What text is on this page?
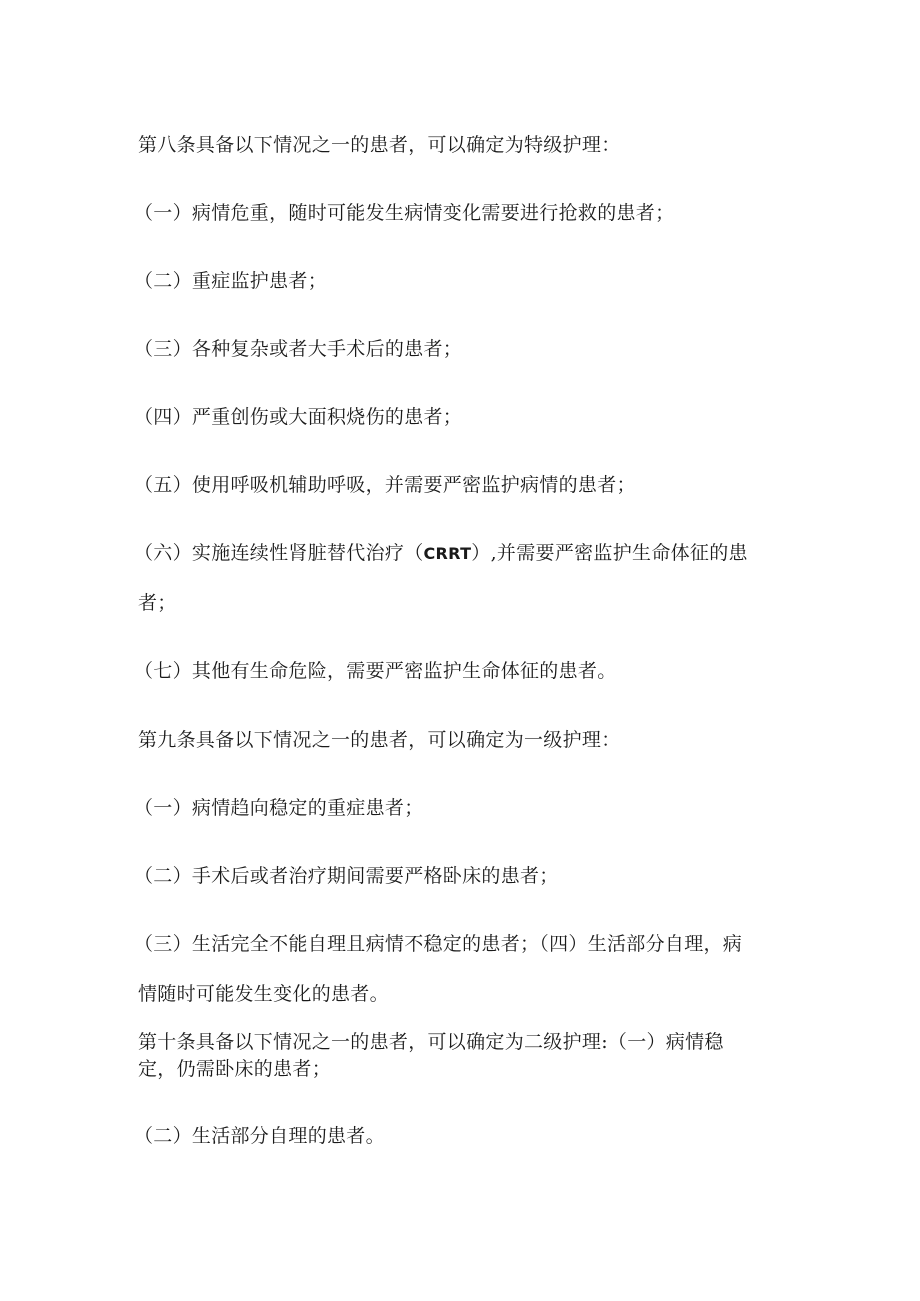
第八条具备以下情况之一的患者，可以确定为特级护理：
（一）病情危重，随时可能发生病情变化需要进行抢救的患者；
（二）重症监护患者；
（三）各种复杂或者大手术后的患者；
（四）严重创伤或大面积烧伤的患者；
（五）使用呼吸机辅助呼吸，并需要严密监护病情的患者；
（六）实施连续性肾脏替代治疗（CRRT）,并需要严密监护生命体征的患
者；
（七）其他有生命危险，需要严密监护生命体征的患者。
第九条具备以下情况之一的患者，可以确定为一级护理：
（一）病情趋向稳定的重症患者；
（二）手术后或者治疗期间需要严格卧床的患者；
（三）生活完全不能自理且病情不稳定的患者；（四）生活部分自理，病
情随时可能发生变化的患者。
第十条具备以下情况之一的患者，可以确定为二级护理:（一）病情稳
定，仍需卧床的患者；
（二）生活部分自理的患者。
